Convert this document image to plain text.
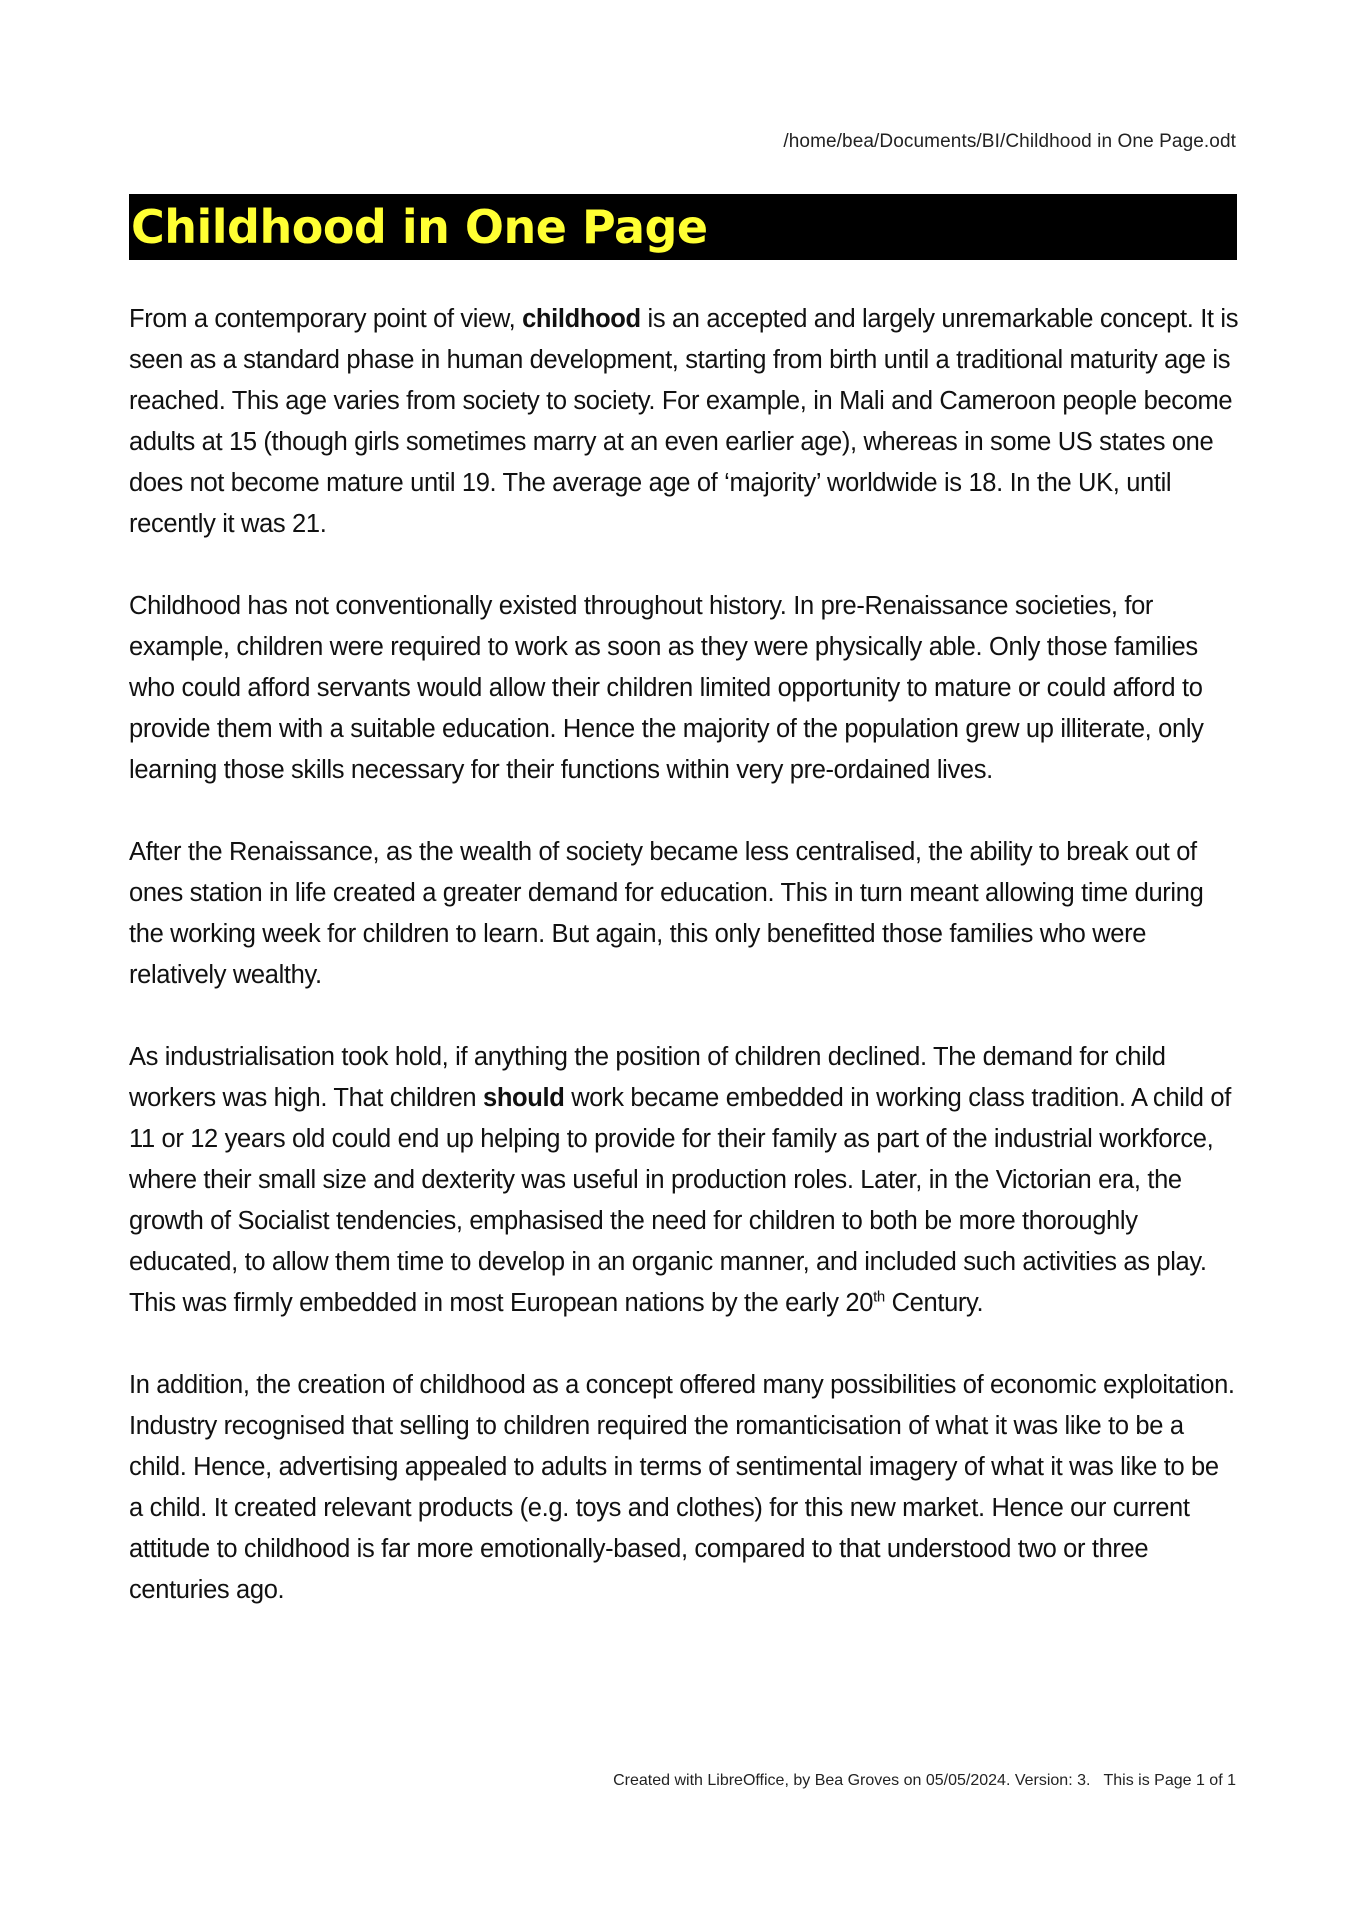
/home/bea/Documents/BI/Childhood in One Page.odt
Childhood in One Page

From a contemporary point of view, childhood is an accepted and largely unremarkable concept. It is seen as a standard phase in human development, starting from birth until a traditional maturity age is reached. This age varies from society to society. For example, in Mali and Cameroon people become adults at 15 (though girls sometimes marry at an even earlier age), whereas in some US states one does not become mature until 19. The average age of ‘majority’ worldwide is 18. In the UK, until recently it was 21.

Childhood has not conventionally existed throughout history. In pre-Renaissance societies, for example, children were required to work as soon as they were physically able. Only those families who could afford servants would allow their children limited opportunity to mature or could afford to provide them with a suitable education. Hence the majority of the population grew up illiterate, only learning those skills necessary for their functions within very pre-ordained lives.

After the Renaissance, as the wealth of society became less centralised, the ability to break out of ones station in life created a greater demand for education. This in turn meant allowing time during the working week for children to learn. But again, this only benefitted those families who were relatively wealthy.

As industrialisation took hold, if anything the position of children declined. The demand for child workers was high. That children should work became embedded in working class tradition. A child of 11 or 12 years old could end up helping to provide for their family as part of the industrial workforce, where their small size and dexterity was useful in production roles. Later, in the Victorian era, the growth of Socialist tendencies, emphasised the need for children to both be more thoroughly educated, to allow them time to develop in an organic manner, and included such activities as play. This was firmly embedded in most European nations by the early 20th Century.

In addition, the creation of childhood as a concept offered many possibilities of economic exploitation. Industry recognised that selling to children required the romanticisation of what it was like to be a child. Hence, advertising appealed to adults in terms of sentimental imagery of what it was like to be a child. It created relevant products (e.g. toys and clothes) for this new market. Hence our current attitude to childhood is far more emotionally-based, compared to that understood two or three centuries ago.

Created with LibreOffice, by Bea Groves on 05/05/2024. Version: 3.   This is Page 1 of 1
